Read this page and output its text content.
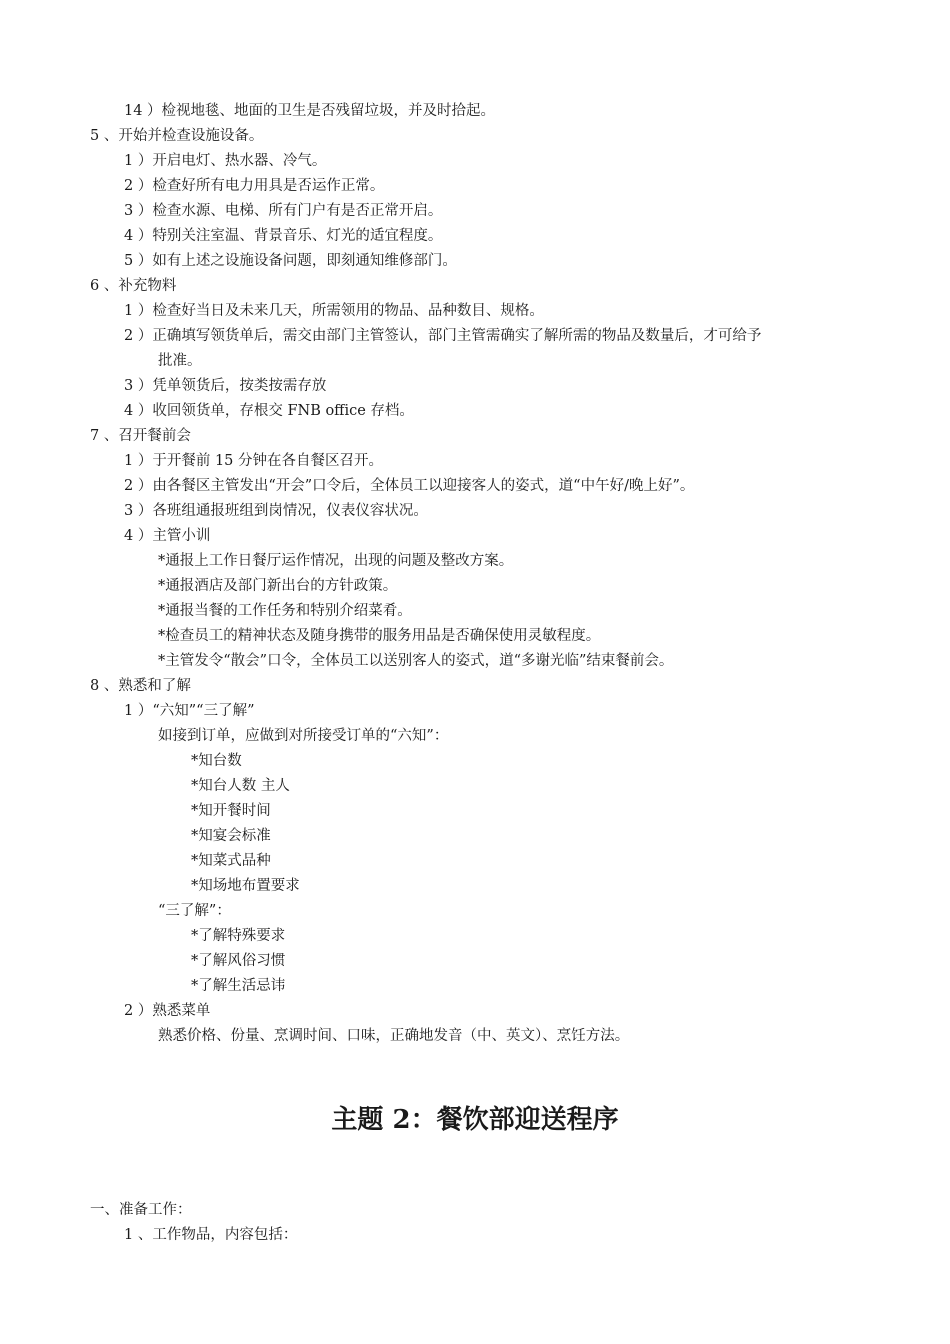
14 ）检视地毯、地面的卫生是否残留垃圾，并及时拾起。
5 、开始并检查设施设备。
1 ）开启电灯、热水器、冷气。
2 ）检查好所有电力用具是否运作正常。
3 ）检查水源、电梯、所有门户有是否正常开启。
4 ）特别关注室温、背景音乐、灯光的适宜程度。
5 ）如有上述之设施设备问题，即刻通知维修部门。
6 、补充物料
1 ）检查好当日及未来几天，所需领用的物品、品种数目、规格。
2 ）正确填写领货单后，需交由部门主管签认，部门主管需确实了解所需的物品及数量后，才可给予
批准。
3 ）凭单领货后，按类按需存放
4 ）收回领货单，存根交 FNB office 存档。
7 、召开餐前会
1 ）于开餐前 15 分钟在各自餐区召开。
2 ）由各餐区主管发出“开会”口令后，全体员工以迎接客人的姿式，道“中午好/晚上好”。
3 ）各班组通报班组到岗情况，仪表仪容状况。
4 ）主管小训
*通报上工作日餐厅运作情况，出现的问题及整改方案。
*通报酒店及部门新出台的方针政策。
*通报当餐的工作任务和特别介绍菜肴。
*检查员工的精神状态及随身携带的服务用品是否确保使用灵敏程度。
*主管发令“散会”口令，全体员工以送别客人的姿式，道“多谢光临”结束餐前会。
8 、熟悉和了解
1 ）“六知”“三了解”
如接到订单，应做到对所接受订单的“六知”：
*知台数
*知台人数 主人
*知开餐时间
*知宴会标准
*知菜式品种
*知场地布置要求
“三了解”：
*了解特殊要求
*了解风俗习惯
*了解生活忌讳
2 ）熟悉菜单
熟悉价格、份量、烹调时间、口味，正确地发音（中、英文）、烹饪方法。
主题 2：餐饮部迎送程序
一、准备工作：
1 、工作物品，内容包括：
